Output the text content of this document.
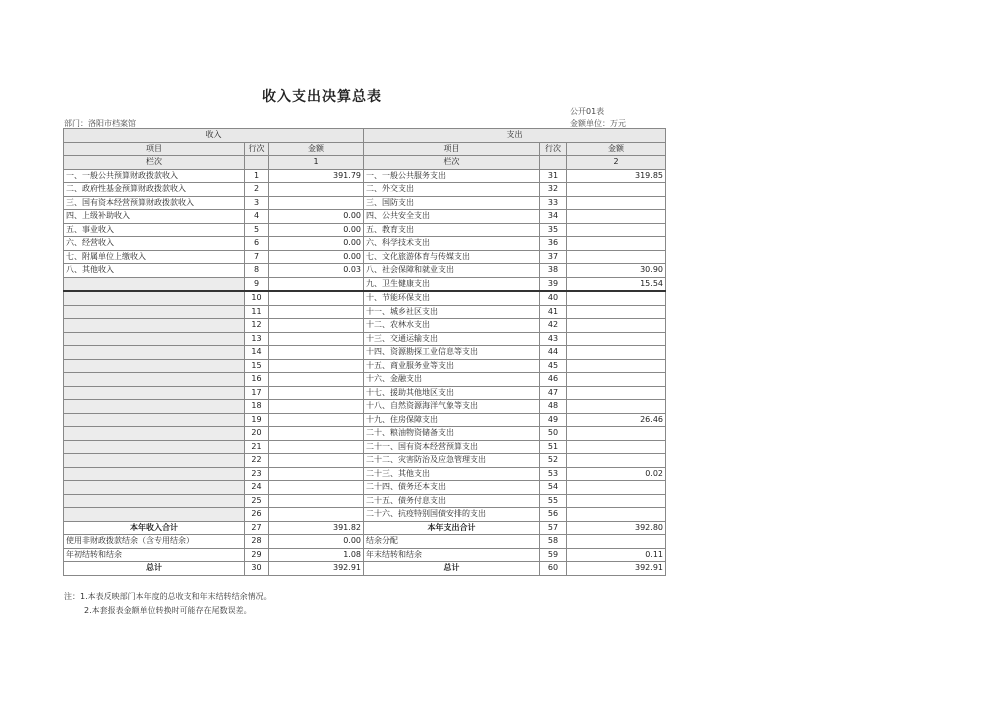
收入支出决算总表
公开01表
部门：洛阳市档案馆	金额单位：万元
收入			支出		
项目	行次	金额	项目	行次	金额
栏次		1	栏次		2
一、一般公共预算财政拨款收入	1	391.79	一、一般公共服务支出	31	319.85
二、政府性基金预算财政拨款收入	2		二、外交支出	32	
三、国有资本经营预算财政拨款收入	3		三、国防支出	33	
四、上级补助收入	4	0.00	四、公共安全支出	34	
五、事业收入	5	0.00	五、教育支出	35	
六、经营收入	6	0.00	六、科学技术支出	36	
七、附属单位上缴收入	7	0.00	七、文化旅游体育与传媒支出	37	
八、其他收入	8	0.03	八、社会保障和就业支出	38	30.90
	9		九、卫生健康支出	39	15.54
	10		十、节能环保支出	40	
	11		十一、城乡社区支出	41	
	12		十二、农林水支出	42	
	13		十三、交通运输支出	43	
	14		十四、资源勘探工业信息等支出	44	
	15		十五、商业服务业等支出	45	
	16		十六、金融支出	46	
	17		十七、援助其他地区支出	47	
	18		十八、自然资源海洋气象等支出	48	
	19		十九、住房保障支出	49	26.46
	20		二十、粮油物资储备支出	50	
	21		二十一、国有资本经营预算支出	51	
	22		二十二、灾害防治及应急管理支出	52	
	23		二十三、其他支出	53	0.02
	24		二十四、债务还本支出	54	
	25		二十五、债务付息支出	55	
	26		二十六、抗疫特别国债安排的支出	56	
本年收入合计	27	391.82	本年支出合计	57	392.80
使用非财政拨款结余（含专用结余）	28	0.00	结余分配	58	
年初结转和结余	29	1.08	年末结转和结余	59	0.11
总计	30	392.91	总计	60	392.91
注：1.本表反映部门本年度的总收支和年末结转结余情况。
2.本套报表金额单位转换时可能存在尾数误差。
